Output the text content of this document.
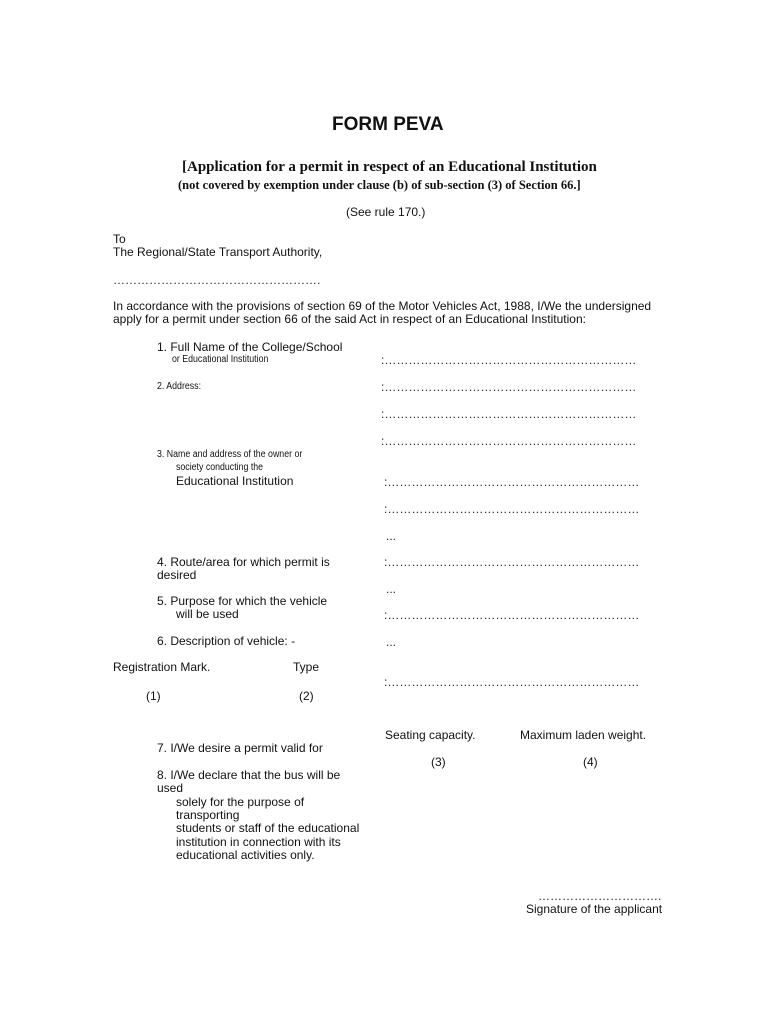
FORM PEVA
[Application for a permit in respect of an Educational Institution
(not covered by exemption under clause (b) of sub-section (3) of Section 66.]
(See rule 170.)
To
The Regional/State Transport Authority,
…………………………………………….
In accordance with the provisions of section 69 of the Motor Vehicles Act, 1988, I/We the undersigned
apply for a permit under section 66 of the said Act in respect of an Educational Institution:
1. Full Name of the College/School
or Educational Institution	:………………………………………………………
2. Address:	:………………………………………………………
:………………………………………………………
:………………………………………………………
3. Name and address of the owner or
society conducting the
Educational Institution	:………………………………………………………
:………………………………………………………
...
4. Route/area for which permit is
desired
:………………………………………………………
...
5. Purpose for which the vehicle
will be used	:………………………………………………………
...
6. Description of vehicle: -
Registration Mark.	Type
(1)	(2)
:………………………………………………………
Seating capacity.	Maximum laden weight.
(3)	(4)
7. I/We desire a permit valid for
8. I/We declare that the bus will be
used
solely for the purpose of
transporting
students or staff of the educational
institution in connection with its
educational activities only.
………………………….
Signature of the applicant
